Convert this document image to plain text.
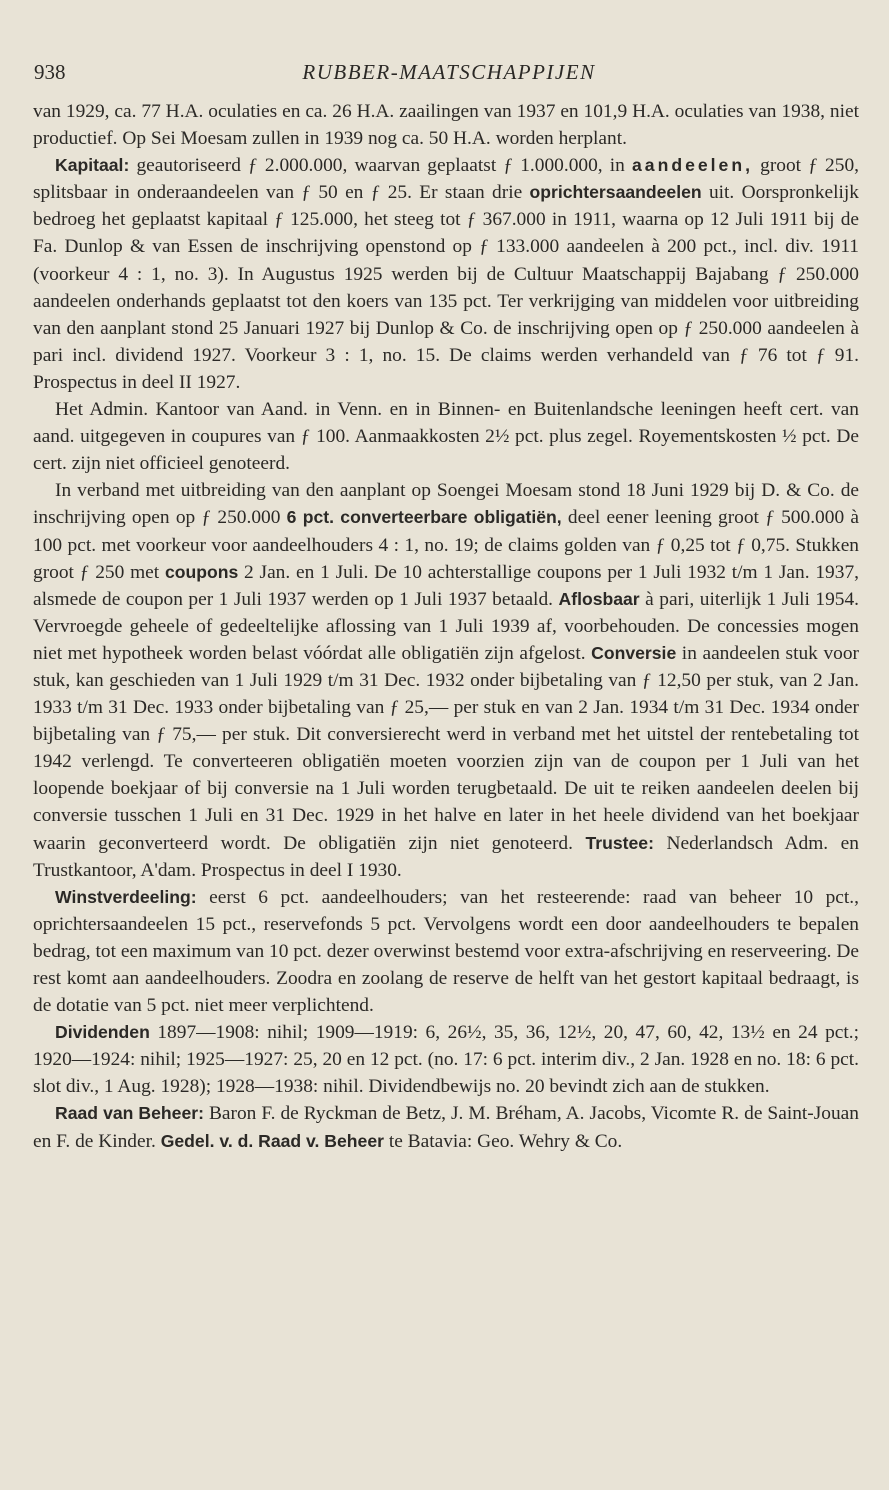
938	RUBBER-MAATSCHAPPIJEN

van 1929, ca. 77 H.A. oculaties en ca. 26 H.A. zaailingen van 1937 en 101,9 H.A. oculaties van 1938, niet productief. Op Sei Moesam zullen in 1939 nog ca. 50 H.A. worden herplant.

Kapitaal: geautoriseerd ƒ 2.000.000, waarvan geplaatst ƒ 1.000.000, in aandeelen, groot ƒ 250, splitsbaar in onderaandeelen van ƒ 50 en ƒ 25. Er staan drie oprichtersaandeelen uit. Oorspronkelijk bedroeg het geplaatst kapitaal ƒ 125.000, het steeg tot ƒ 367.000 in 1911, waarna op 12 Juli 1911 bij de Fa. Dunlop & van Essen de inschrijving openstond op ƒ 133.000 aandeelen à 200 pct., incl. div. 1911 (voorkeur 4 : 1, no. 3). In Augustus 1925 werden bij de Cultuur Maatschappij Bajabang ƒ 250.000 aandeelen onderhands geplaatst tot den koers van 135 pct. Ter verkrijging van middelen voor uitbreiding van den aanplant stond 25 Januari 1927 bij Dunlop & Co. de inschrijving open op ƒ 250.000 aandeelen à pari incl. dividend 1927. Voorkeur 3 : 1, no. 15. De claims werden verhandeld van ƒ 76 tot ƒ 91. Prospectus in deel II 1927.

Het Admin. Kantoor van Aand. in Venn. en in Binnen- en Buitenlandsche leeningen heeft cert. van aand. uitgegeven in coupures van ƒ 100. Aanmaakkosten 2½ pct. plus zegel. Royementskosten ½ pct. De cert. zijn niet officieel genoteerd.

In verband met uitbreiding van den aanplant op Soengei Moesam stond 18 Juni 1929 bij D. & Co. de inschrijving open op ƒ 250.000 6 pct. converteerbare obligatiën, deel eener leening groot ƒ 500.000 à 100 pct. met voorkeur voor aandeelhouders 4 : 1, no. 19; de claims golden van ƒ 0,25 tot ƒ 0,75. Stukken groot ƒ 250 met coupons 2 Jan. en 1 Juli. De 10 achterstallige coupons per 1 Juli 1932 t/m 1 Jan. 1937, alsmede de coupon per 1 Juli 1937 werden op 1 Juli 1937 betaald. Aflosbaar à pari, uiterlijk 1 Juli 1954. Vervroegde geheele of gedeeltelijke aflossing van 1 Juli 1939 af, voorbehouden. De concessies mogen niet met hypotheek worden belast vóórdat alle obligatiën zijn afgelost. Conversie in aandeelen stuk voor stuk, kan geschieden van 1 Juli 1929 t/m 31 Dec. 1932 onder bijbetaling van ƒ 12,50 per stuk, van 2 Jan. 1933 t/m 31 Dec. 1933 onder bijbetaling van ƒ 25,— per stuk en van 2 Jan. 1934 t/m 31 Dec. 1934 onder bijbetaling van ƒ 75,— per stuk. Dit conversierecht werd in verband met het uitstel der rentebetaling tot 1942 verlengd. Te converteeren obligatiën moeten voorzien zijn van de coupon per 1 Juli van het loopende boekjaar of bij conversie na 1 Juli worden terugbetaald. De uit te reiken aandeelen deelen bij conversie tusschen 1 Juli en 31 Dec. 1929 in het halve en later in het heele dividend van het boekjaar waarin geconverteerd wordt. De obligatiën zijn niet genoteerd. Trustee: Nederlandsch Adm. en Trustkantoor, A'dam. Prospectus in deel I 1930.

Winstverdeeling: eerst 6 pct. aandeelhouders; van het resteerende: raad van beheer 10 pct., oprichtersaandeelen 15 pct., reservefonds 5 pct. Vervolgens wordt een door aandeelhouders te bepalen bedrag, tot een maximum van 10 pct. dezer overwinst bestemd voor extra-afschrijving en reserveering. De rest komt aan aandeelhouders. Zoodra en zoolang de reserve de helft van het gestort kapitaal bedraagt, is de dotatie van 5 pct. niet meer verplichtend.

Dividenden 1897—1908: nihil; 1909—1919: 6, 26½, 35, 36, 12½, 20, 47, 60, 42, 13½ en 24 pct.; 1920—1924: nihil; 1925—1927: 25, 20 en 12 pct. (no. 17: 6 pct. interim div., 2 Jan. 1928 en no. 18: 6 pct. slot div., 1 Aug. 1928); 1928—1938: nihil. Dividendbewijs no. 20 bevindt zich aan de stukken.

Raad van Beheer: Baron F. de Ryckman de Betz, J. M. Bréham, A. Jacobs, Vicomte R. de Saint-Jouan en F. de Kinder. Gedel. v. d. Raad v. Beheer te Batavia: Geo. Wehry & Co.
